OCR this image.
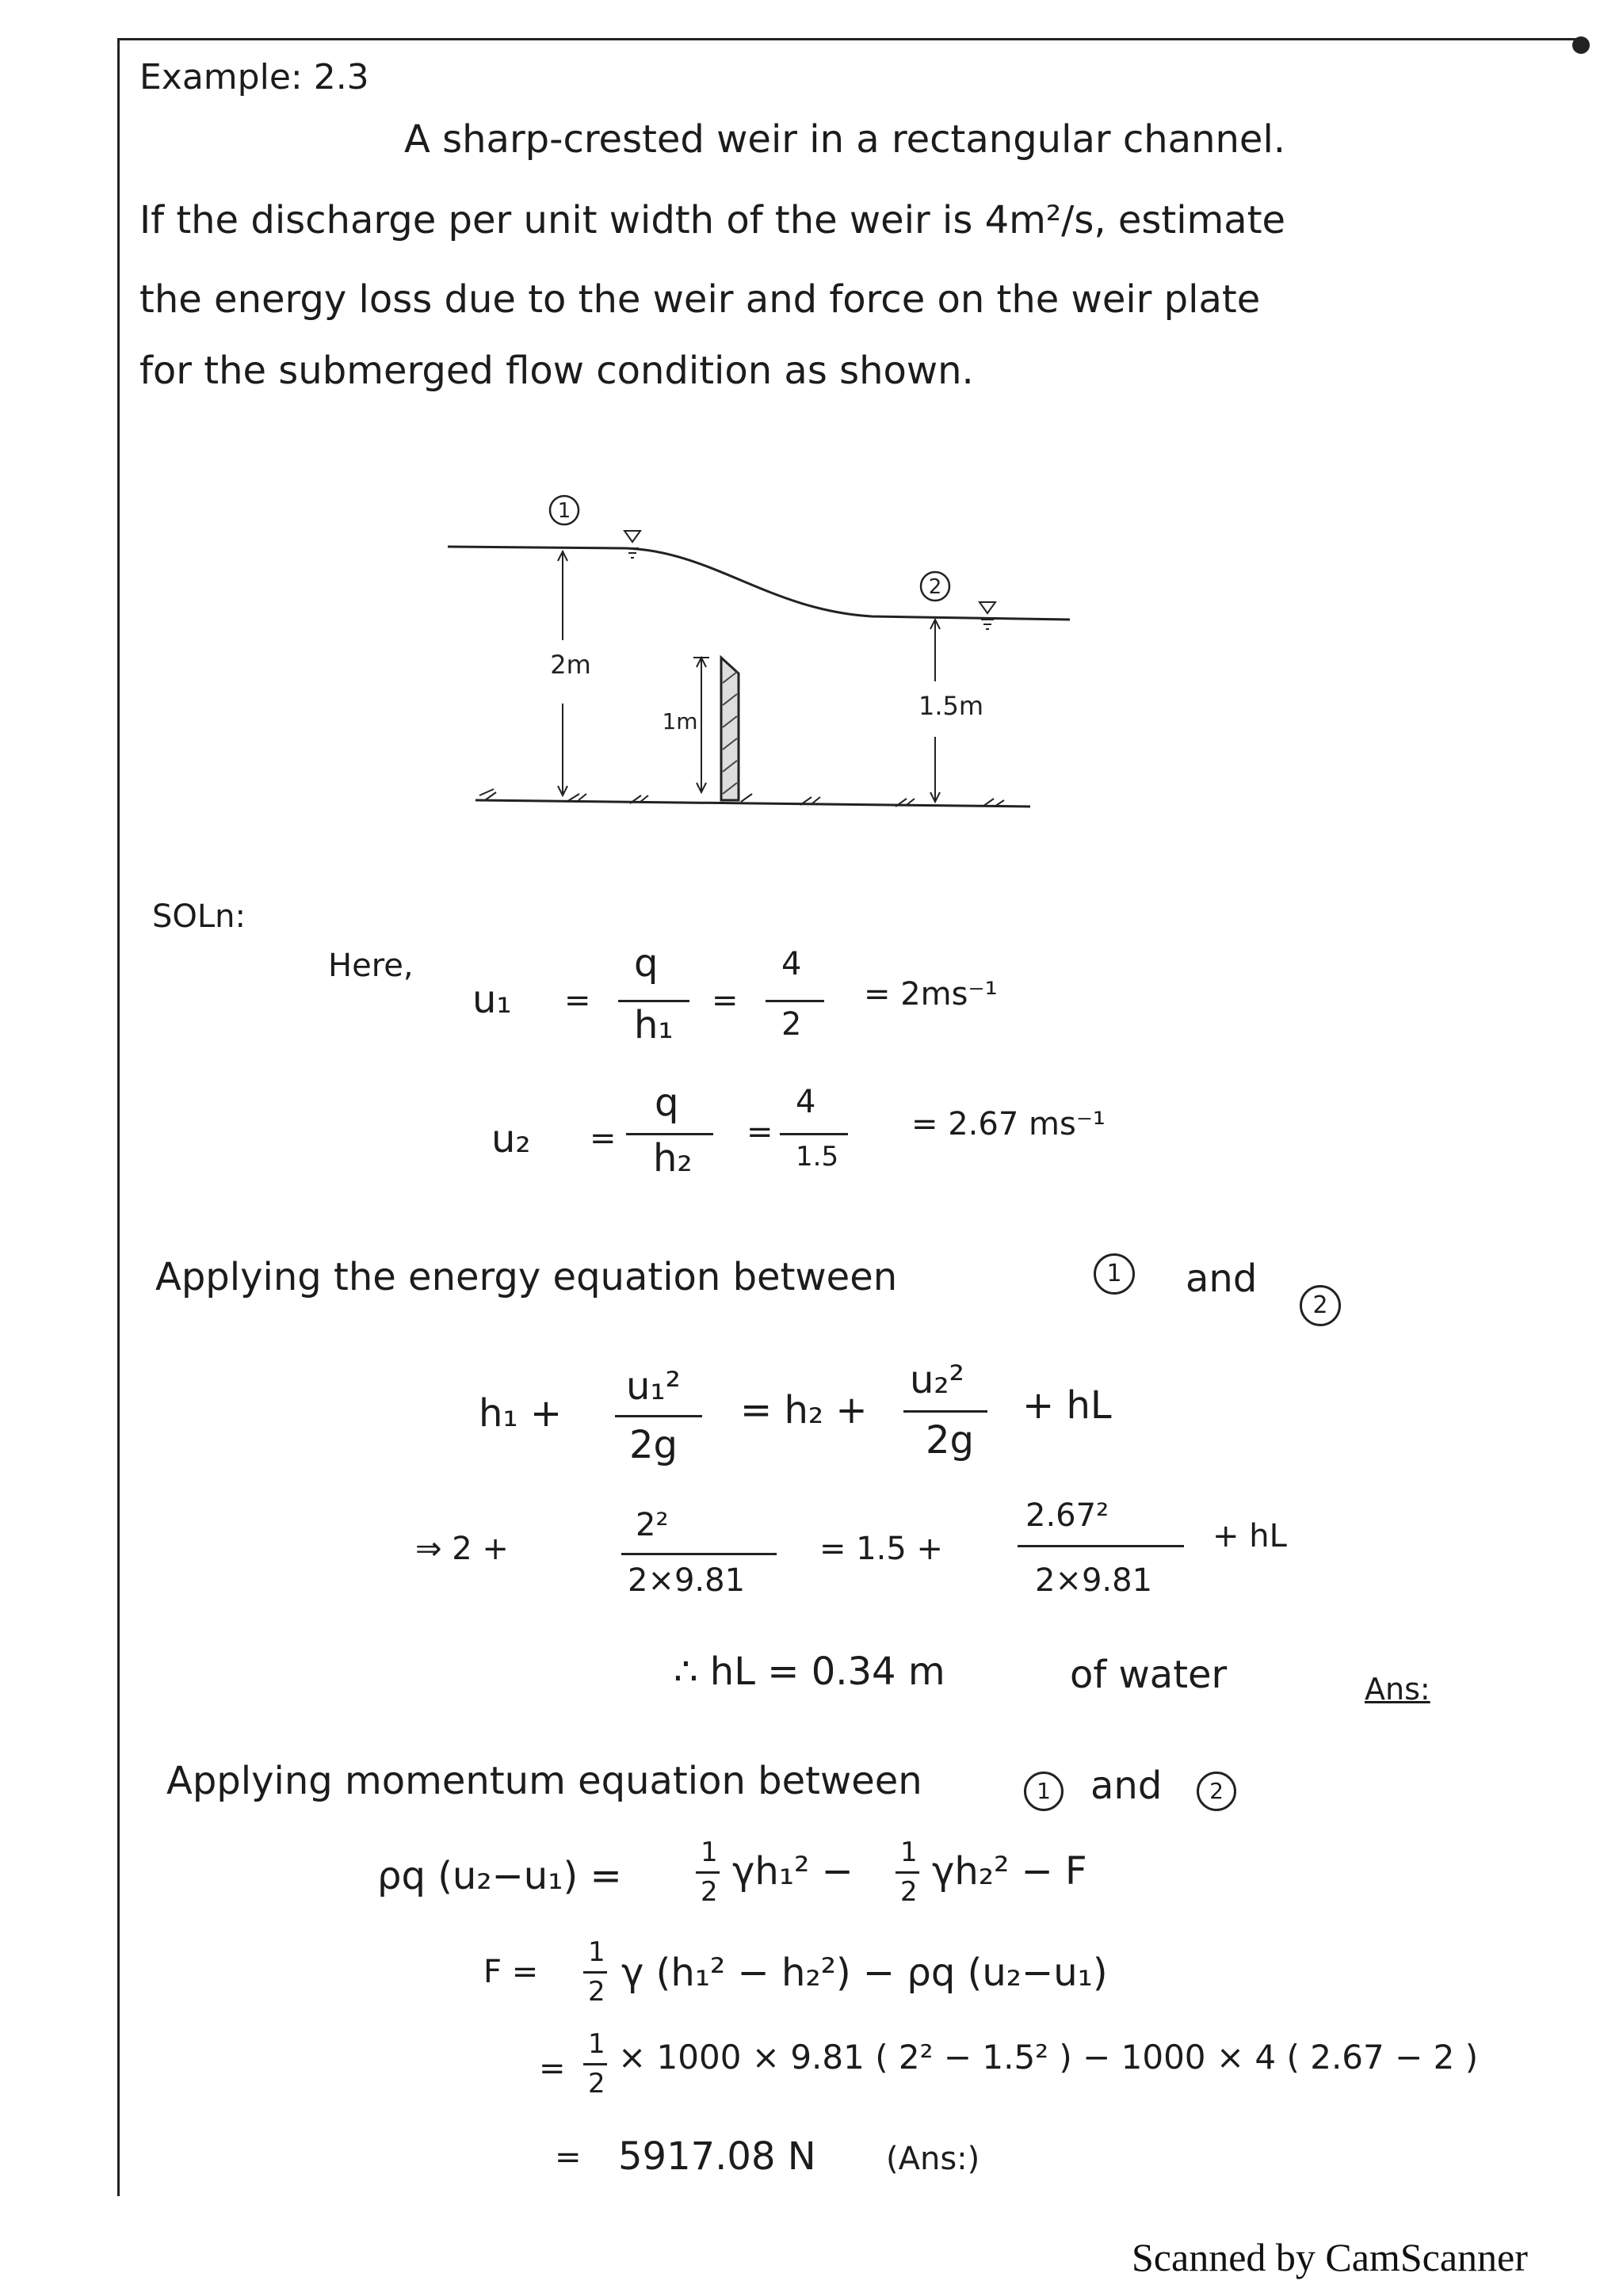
Example: 2.3
A sharp-crested weir in a rectangular channel.
If the discharge per unit width of the weir is 4m²/s, estimate
the energy loss due to the weir and force on the weir plate
for the submerged flow condition as shown.
1
2
2m
1m
1.5m
SOLn:
Here,
u₁ =
q
h₁
=
4
2
= 2ms⁻¹
u₂ =
q
h₂
=
4
1.5
= 2.67 ms⁻¹
Applying the energy equation between	1	and
2
h₁ +
u₁²
2g
= h₂ +
u₂²
2g
+ hL
⇒ 2 +
2²
2×9.81
= 1.5 +
2.67²
2×9.81
+ hL
∴ hL = 0.34 m	of water	Ans:
Applying momentum equation between	1	and	2
ρq (u₂−u₁) =
1
2 γh₁² − 1
2 γh₂² − F
F =
1
2 γ (h₁² − h₂²) − ρq (u₂−u₁)
=
1
2
× 1000 × 9.81 ( 2² − 1.5² ) − 1000 × 4 ( 2.67 − 2 )
= 5917.08 N (Ans:)
Scanned by CamScanner
